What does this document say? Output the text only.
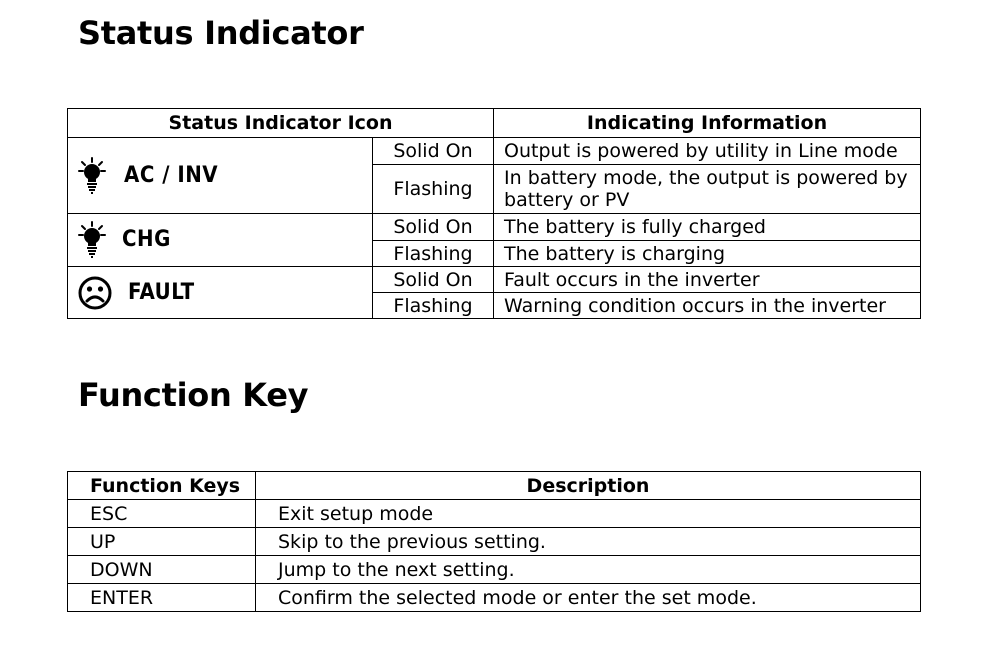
Status Indicator
Status Indicator Icon		Indicating Information

AC / INV	Solid On	Output is powered by utility in Line mode
	Flashing	In battery mode, the output is powered by battery or PV

CHG	Solid On	The battery is fully charged
	Flashing	The battery is charging

FAULT	Solid On	Fault occurs in the inverter
	Flashing	Warning condition occurs in the inverter
Function Key
Function Keys	Description
ESC	Exit setup mode
UP	Skip to the previous setting.
DOWN	Jump to the next setting.
ENTER	Confirm the selected mode or enter the set mode.
